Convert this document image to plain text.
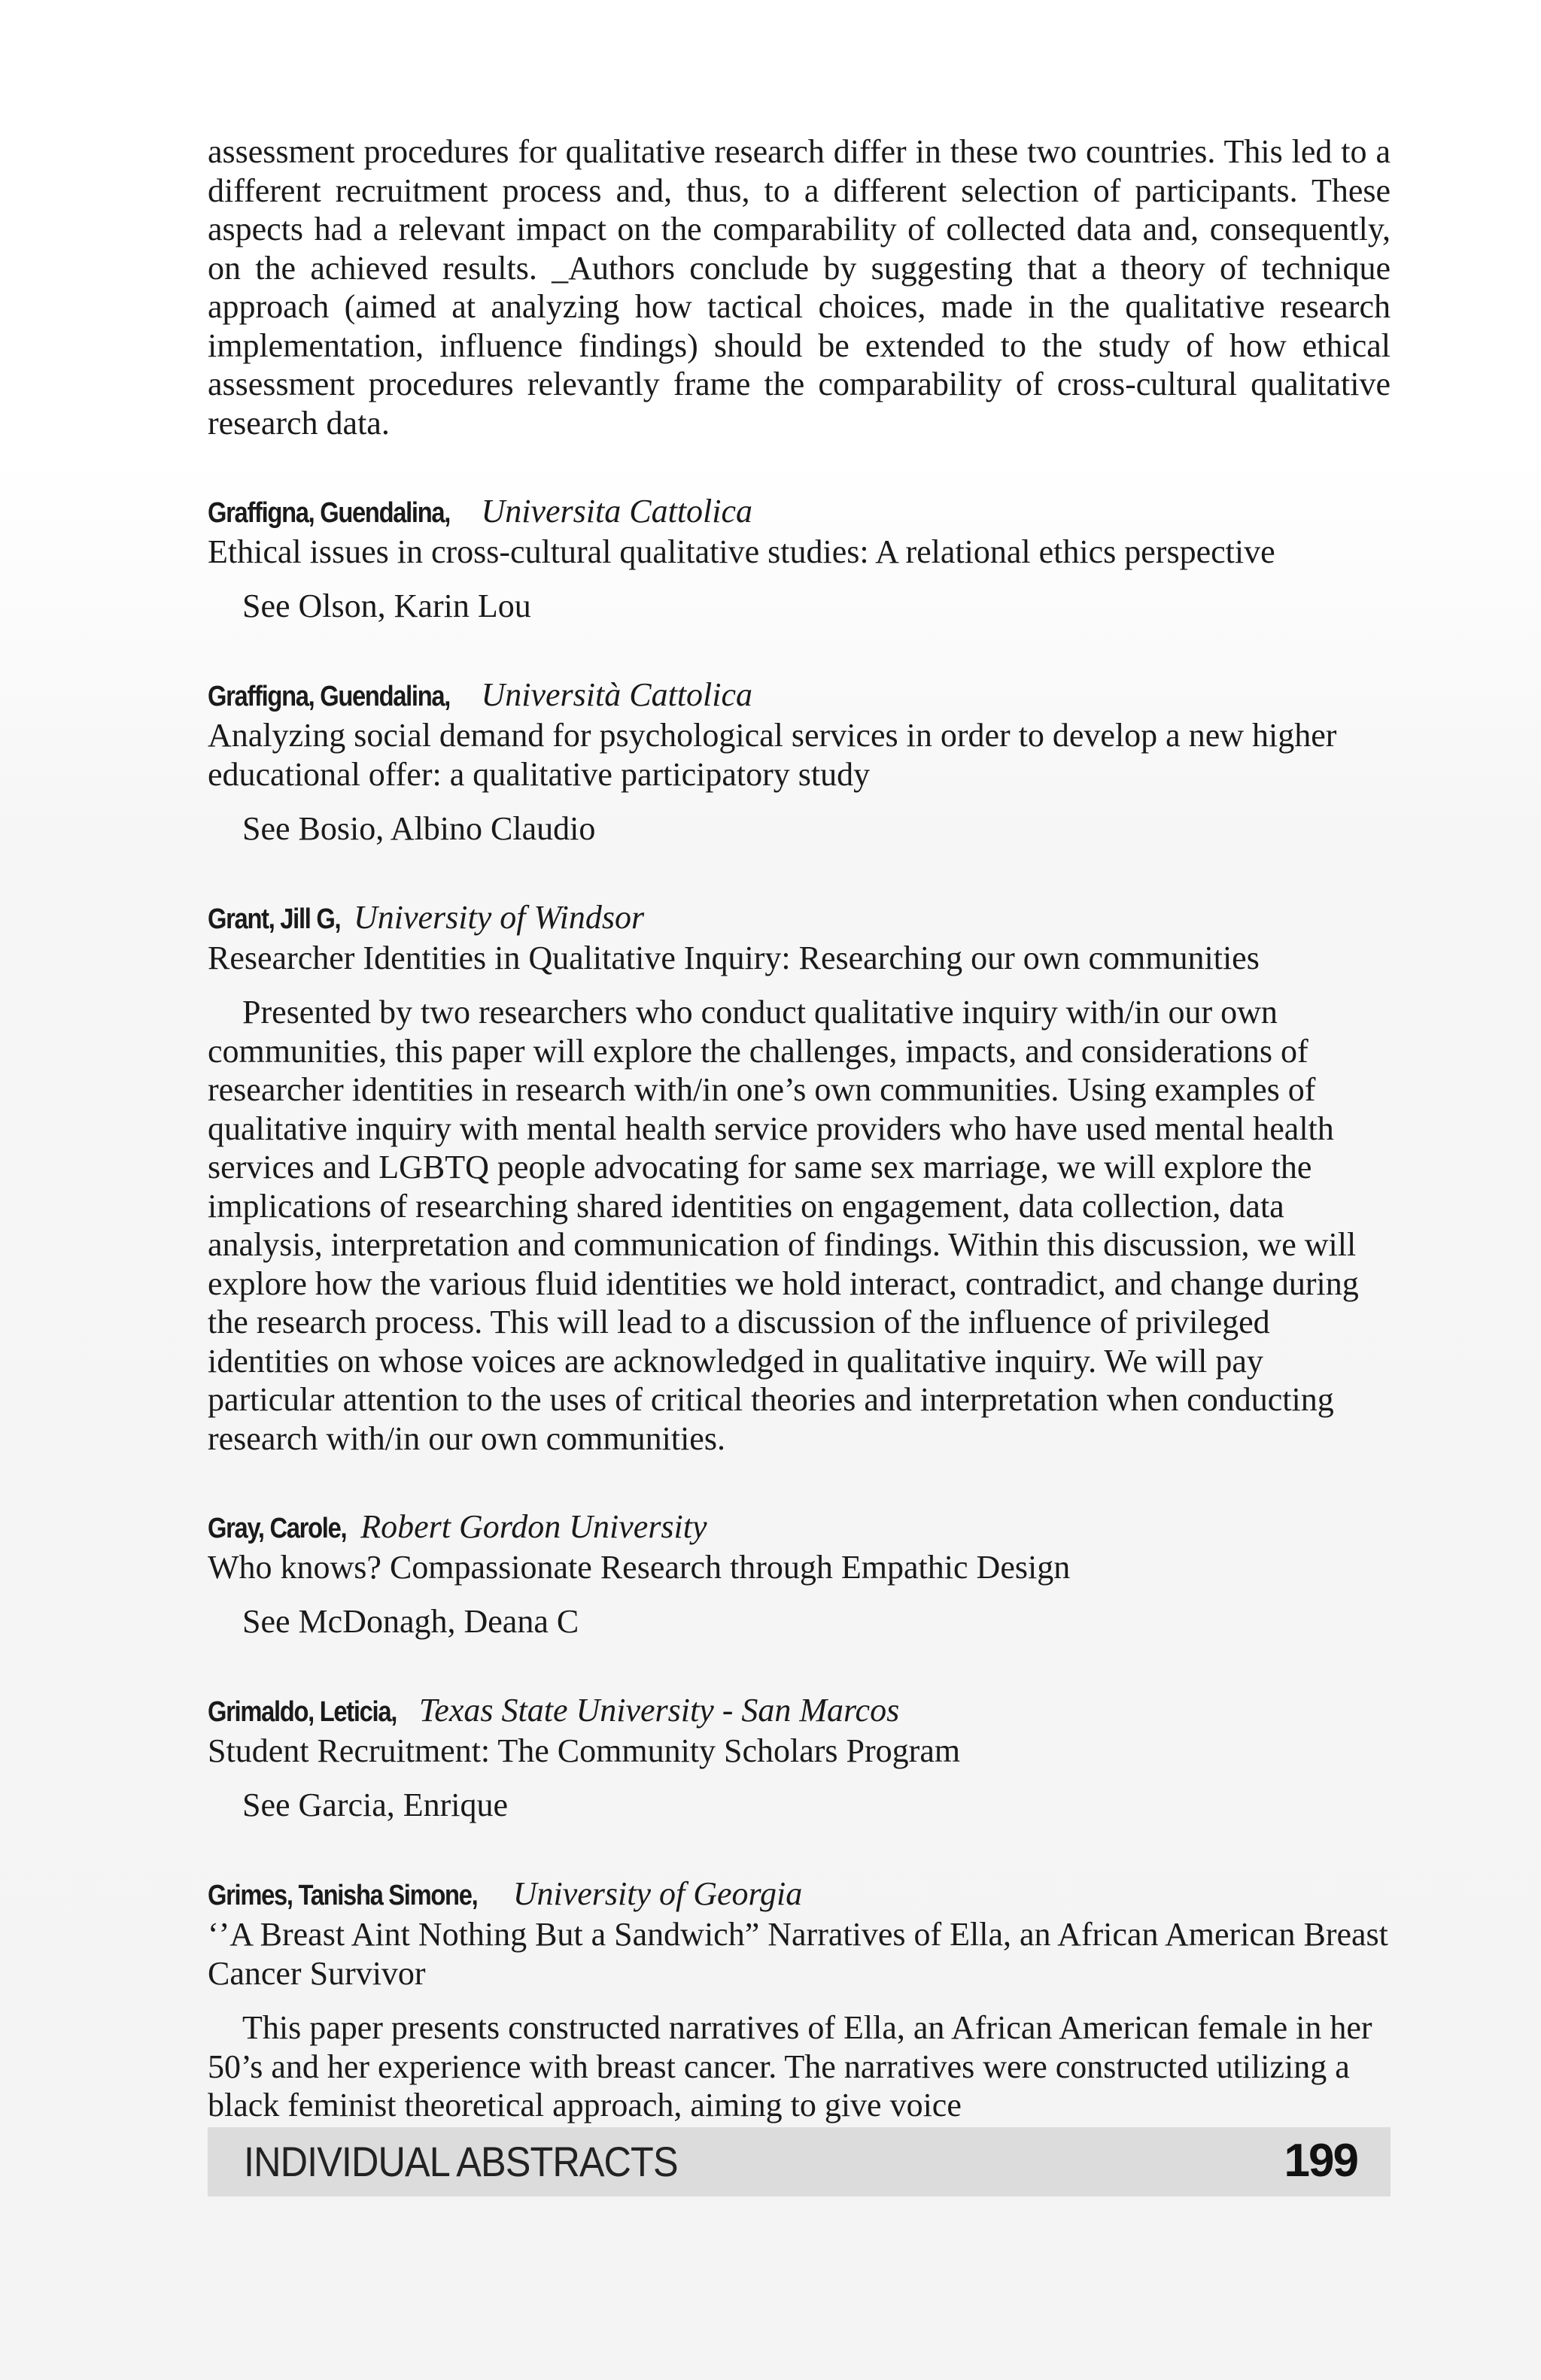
assessment procedures for qualitative research differ in these two countries. This led to a different recruitment process and, thus, to a different selection of participants. These aspects had a relevant impact on the comparability of collected data and, consequently, on the achieved results. _Authors conclude by suggesting that a theory of technique approach (aimed at analyzing how tactical choices, made in the qualitative research implementation, influence findings) should be extended to the study of how ethical assessment procedures relevantly frame the comparability of cross-cultural qualitative research data.

Graffigna, Guendalina, Universita Cattolica

Ethical issues in cross-cultural qualitative studies: A relational ethics perspective

See Olson, Karin Lou

Graffigna, Guendalina, Università Cattolica

Analyzing social demand for psychological services in order to develop a new higher educational offer: a qualitative participatory study

See Bosio, Albino Claudio

Grant, Jill G, University of Windsor

Researcher Identities in Qualitative Inquiry: Researching our own communities

Presented by two researchers who conduct qualitative inquiry with/in our own communities, this paper will explore the challenges, impacts, and considerations of researcher identities in research with/in one’s own communities. Using examples of qualitative inquiry with mental health service providers who have used mental health services and LGBTQ people advocating for same sex marriage, we will explore the implications of researching shared identities on engagement, data collection, data analysis, interpretation and communication of findings. Within this discussion, we will explore how the various fluid identities we hold interact, contradict, and change during the research process. This will lead to a discussion of the influence of privileged identities on whose voices are acknowledged in qualitative inquiry. We will pay particular attention to the uses of critical theories and interpretation when conducting research with/in our own communities.

Gray, Carole, Robert Gordon University

Who knows? Compassionate Research through Empathic Design

See McDonagh, Deana C

Grimaldo, Leticia, Texas State University - San Marcos

Student Recruitment: The Community Scholars Program

See Garcia, Enrique

Grimes, Tanisha Simone, University of Georgia

‘’A Breast Aint Nothing But a Sandwich” Narratives of Ella, an African American Breast Cancer Survivor

This paper presents constructed narratives of Ella, an African American female in her 50’s and her experience with breast cancer. The narratives were constructed utilizing a black feminist theoretical approach, aiming to give voice

INDIVIDUAL ABSTRACTS	199
